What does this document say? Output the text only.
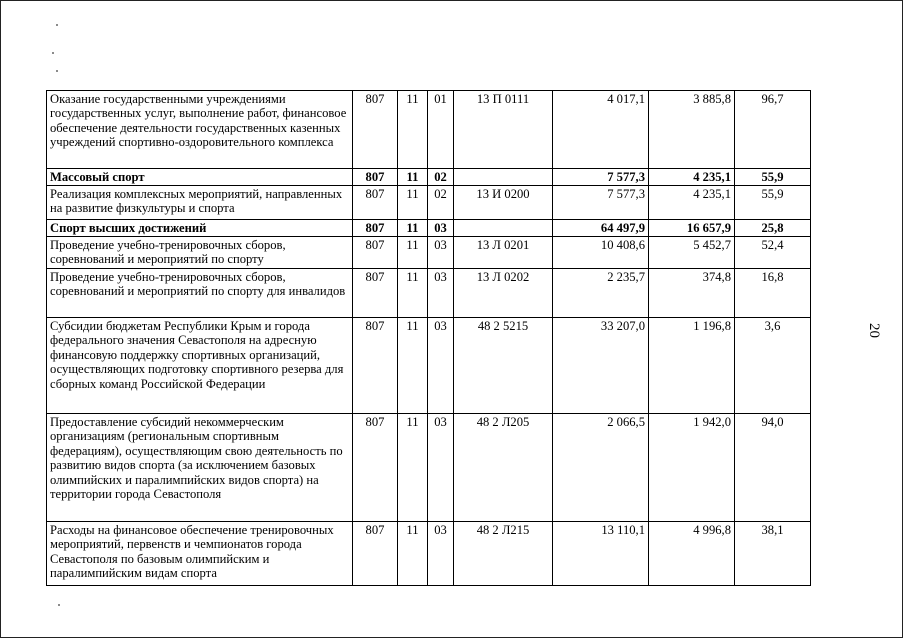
Оказание государственными учреждениями государственных услуг, выполнение работ, финансовое обеспечение деятельности государственных казенных учреждений спортивно-оздоровительного комплекса	807	11	01	13 П 0111	4 017,1	3 885,8	96,7
Массовый спорт	807	11	02		7 577,3	4 235,1	55,9
Реализация комплексных мероприятий, направленных на развитие физкультуры и спорта	807	11	02	13 И 0200	7 577,3	4 235,1	55,9
Спорт высших достижений	807	11	03		64 497,9	16 657,9	25,8
Проведение учебно-тренировочных сборов, соревнований и мероприятий по спорту	807	11	03	13 Л 0201	10 408,6	5 452,7	52,4
Проведение учебно-тренировочных сборов, соревнований и мероприятий по спорту для инвалидов	807	11	03	13 Л 0202	2 235,7	374,8	16,8
Субсидии бюджетам Республики Крым и города федерального значения Севастополя на адресную финансовую поддержку спортивных организаций, осуществляющих подготовку спортивного резерва для сборных команд Российской Федерации	807	11	03	48 2 5215	33 207,0	1 196,8	3,6
Предоставление субсидий некоммерческим организациям (региональным спортивным федерациям), осуществляющим свою деятельность по развитию видов спорта (за исключением базовых олимпийских и паралимпийских видов спорта) на территории города Севастополя	807	11	03	48 2 Л205	2 066,5	1 942,0	94,0
Расходы на финансовое обеспечение тренировочных мероприятий, первенств и чемпионатов города Севастополя по базовым олимпийским и паралимпийским видам спорта	807	11	03	48 2 Л215	13 110,1	4 996,8	38,1
20
